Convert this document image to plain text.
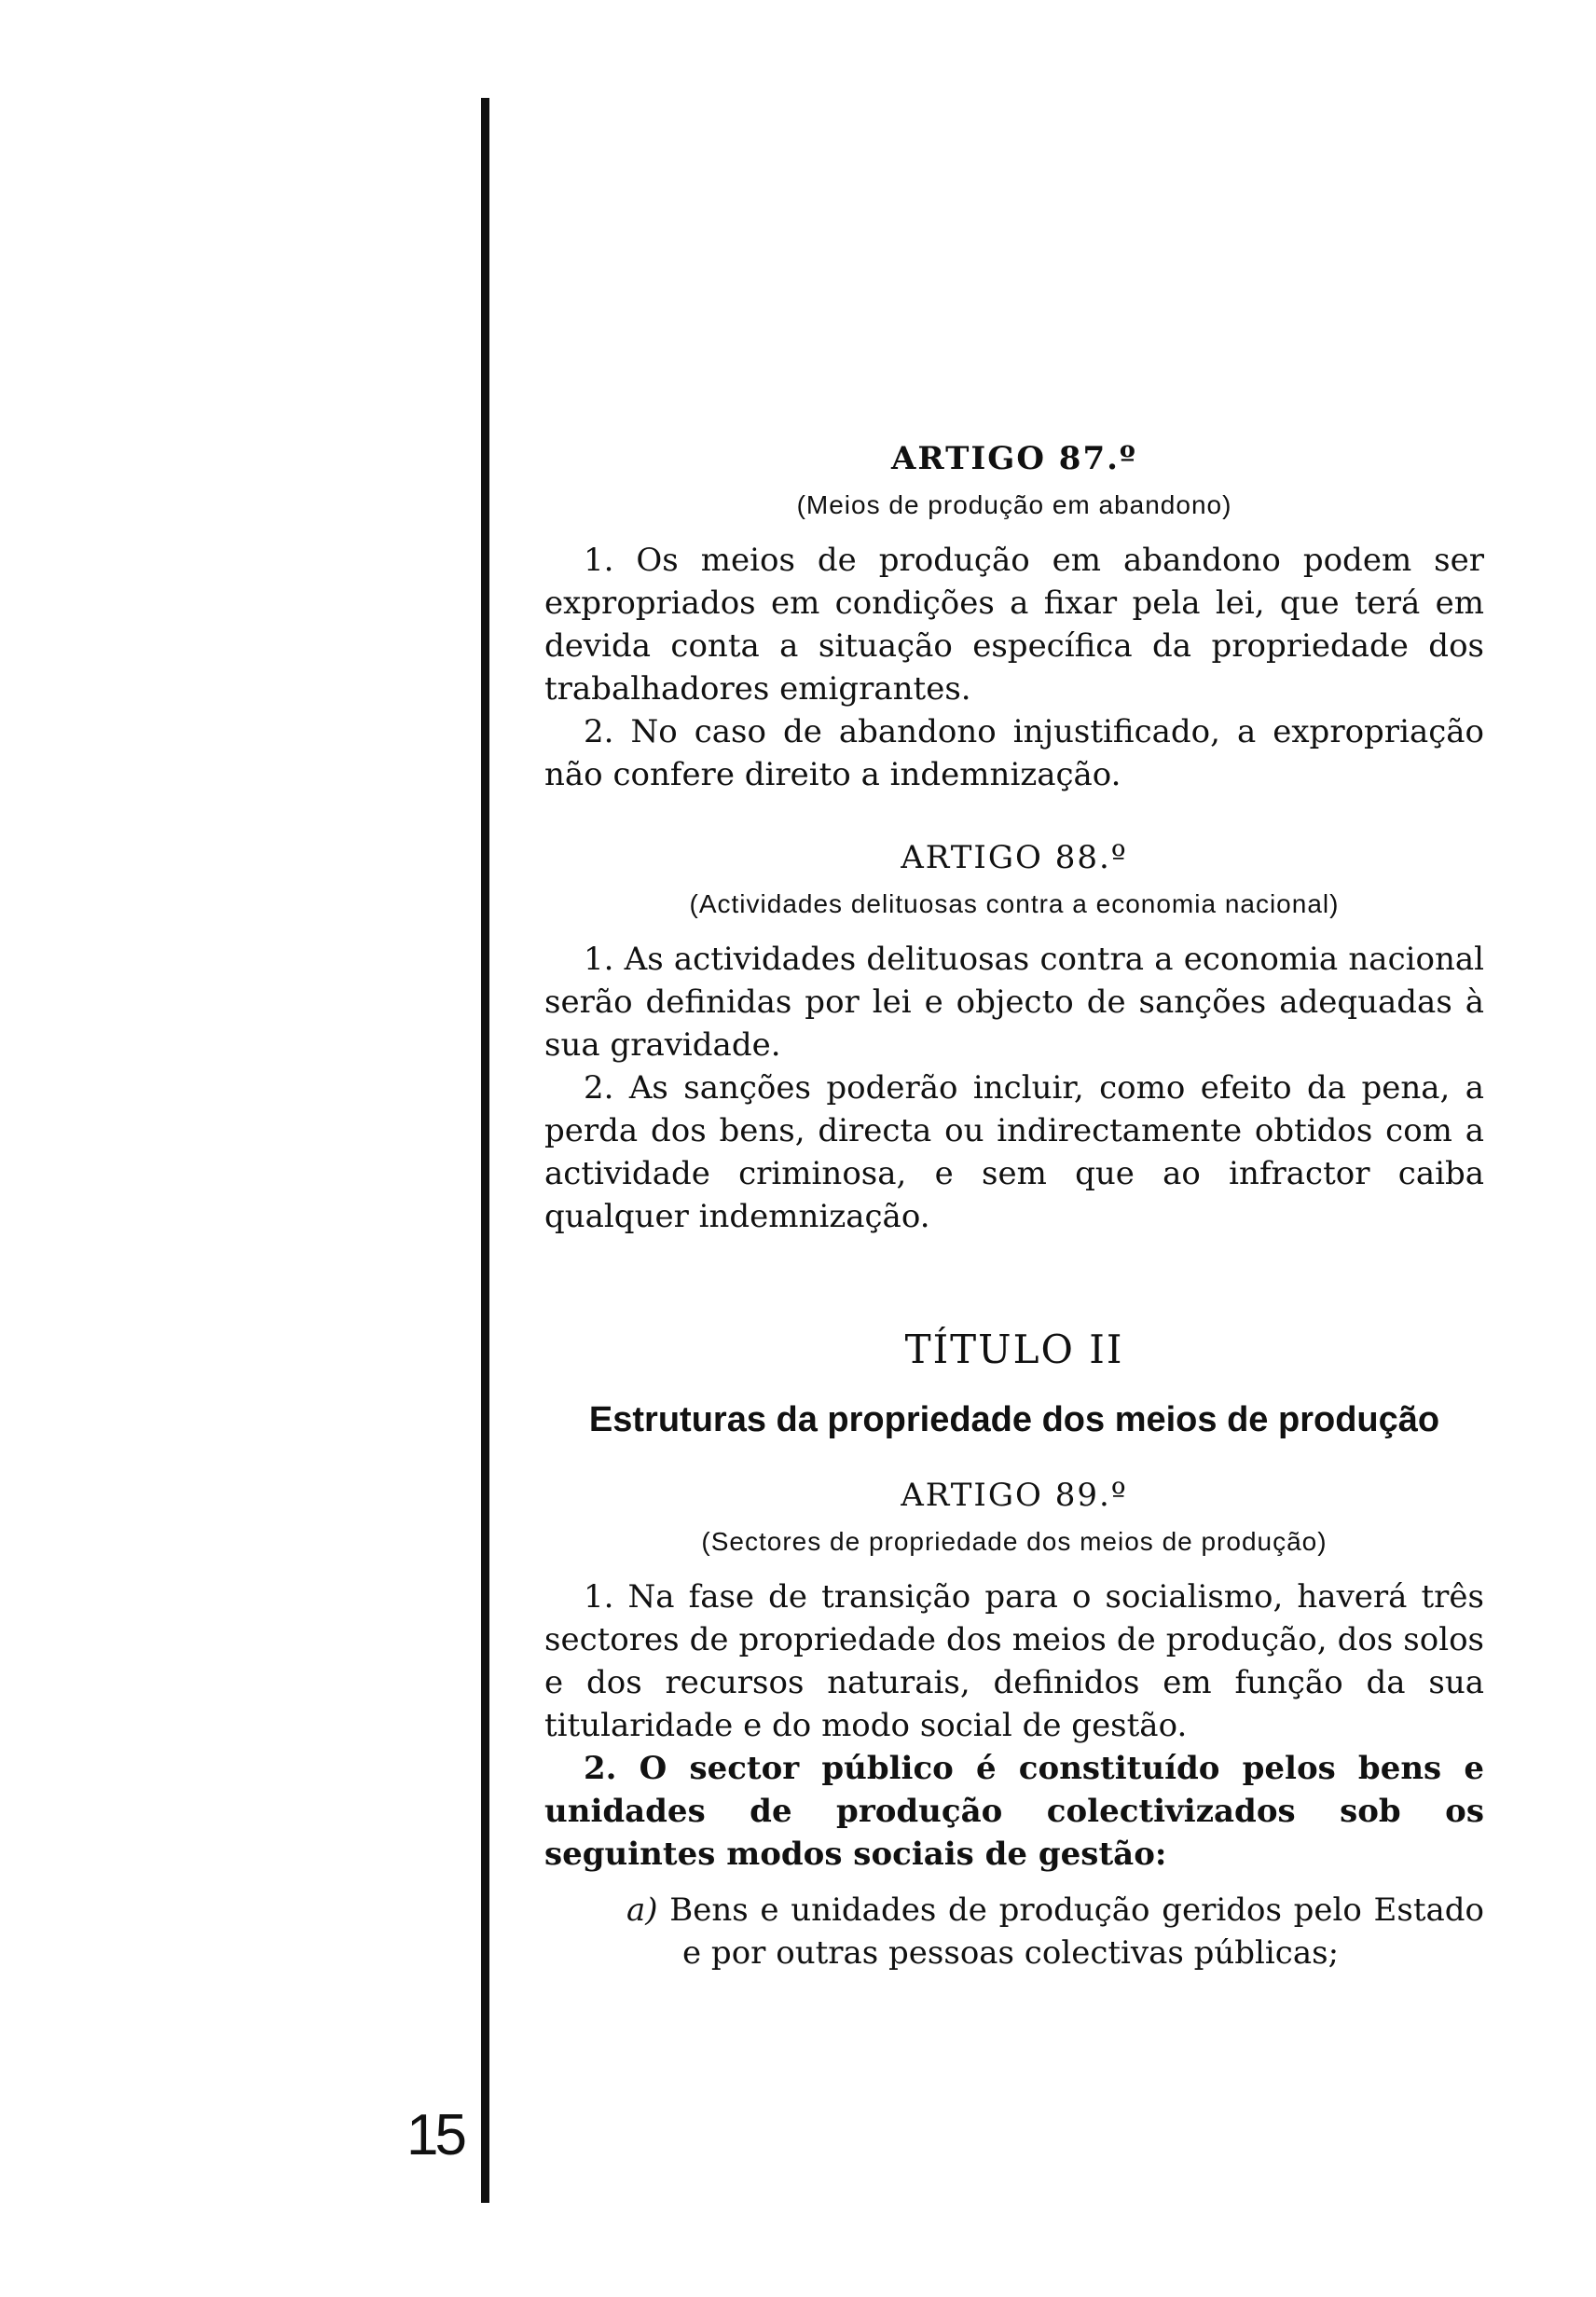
15

ARTIGO 87.º

(Meios de produção em abandono)

1. Os meios de produção em abandono podem ser expropriados em condições a fixar pela lei, que terá em devida conta a situação específica da propriedade dos trabalhadores emigrantes.

2. No caso de abandono injustificado, a expropriação não confere direito a indemnização.

ARTIGO 88.º

(Actividades delituosas contra a economia nacional)

1. As actividades delituosas contra a economia nacional serão definidas por lei e objecto de sanções adequadas à sua gravidade.

2. As sanções poderão incluir, como efeito da pena, a perda dos bens, directa ou indirectamente obtidos com a actividade criminosa, e sem que ao infractor caiba qualquer indemnização.

TÍTULO II

Estruturas da propriedade dos meios de produção

ARTIGO 89.º

(Sectores de propriedade dos meios de produção)

1. Na fase de transição para o socialismo, haverá três sectores de propriedade dos meios de produção, dos solos e dos recursos naturais, definidos em função da sua titularidade e do modo social de gestão.

2. O sector público é constituído pelos bens e unidades de produção colectivizados sob os seguintes modos sociais de gestão:

a) Bens e unidades de produção geridos pelo Estado e por outras pessoas colectivas públicas;
